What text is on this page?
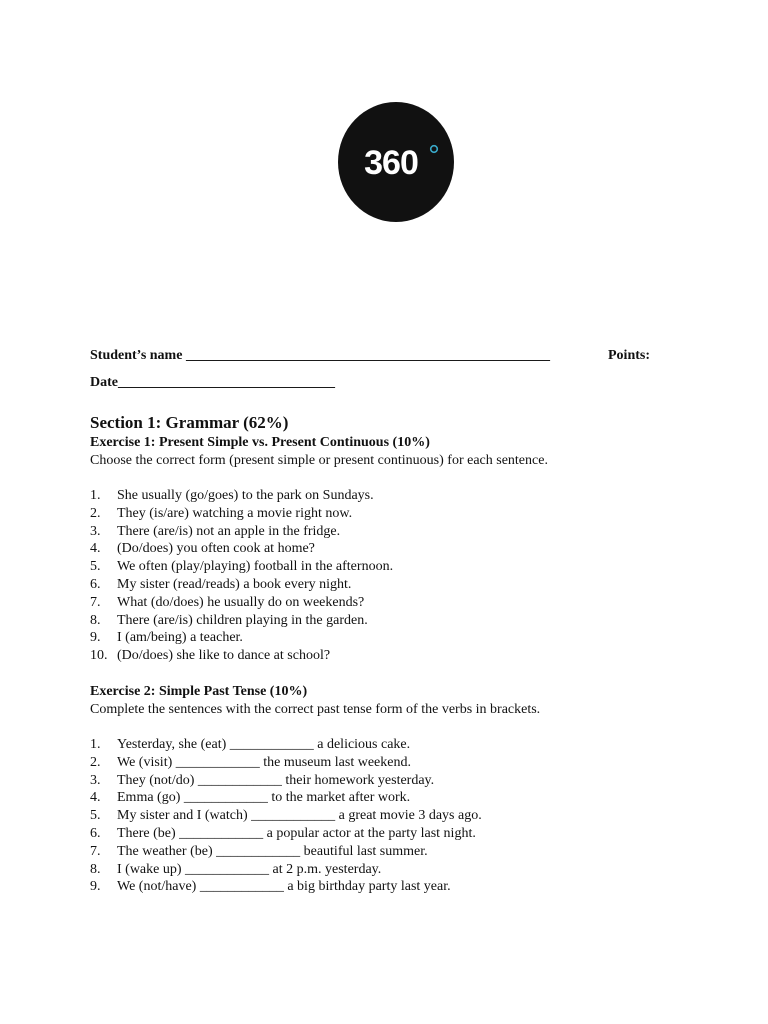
360
Student’s name ____________________________________________________	Points:
Date_______________________________
Section 1: Grammar (62%)
Exercise 1: Present Simple vs. Present Continuous (10%)

Choose the correct form (present simple or present continuous) for each sentence.

1. She usually (go/goes) to the park on Sundays.
2. They (is/are) watching a movie right now.
3. There (are/is) not an apple in the fridge.
4. (Do/does) you often cook at home?
5. We often (play/playing) football in the afternoon.
6. My sister (read/reads) a book every night.
7. What (do/does) he usually do on weekends?
8. There (are/is) children playing in the garden.
9. I (am/being) a teacher.
10. (Do/does) she like to dance at school?
Exercise 2: Simple Past Tense (10%)

Complete the sentences with the correct past tense form of the verbs in brackets.

1. Yesterday, she (eat) ____________ a delicious cake.
2. We (visit) ____________ the museum last weekend.
3. They (not/do) ____________ their homework yesterday.
4. Emma (go) ____________ to the market after work.
5. My sister and I (watch) ____________ a great movie 3 days ago.
6. There (be) ____________ a popular actor at the party last night.
7. The weather (be) ____________ beautiful last summer.
8. I (wake up) ____________ at 2 p.m. yesterday.
9. We (not/have) ____________ a big birthday party last year.
